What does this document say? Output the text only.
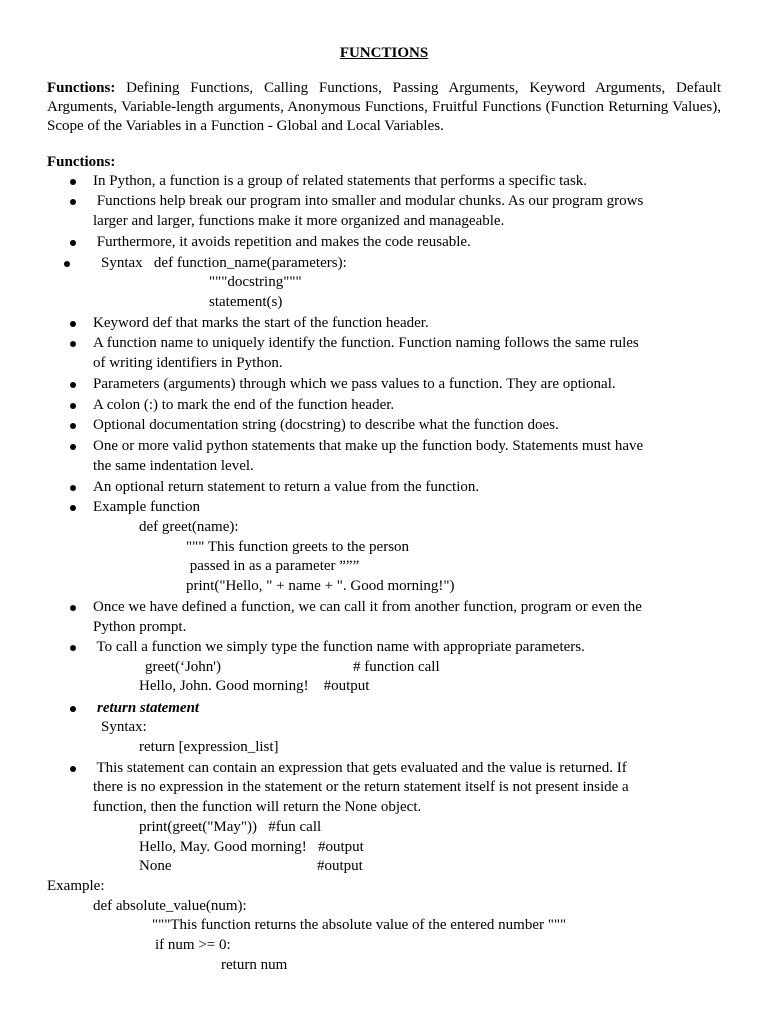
FUNCTIONS
Functions: Defining Functions, Calling Functions, Passing Arguments, Keyword Arguments, Default Arguments, Variable-length arguments, Anonymous Functions, Fruitful Functions (Function Returning Values), Scope of the Variables in a Function - Global and Local Variables.
Functions:
In Python, a function is a group of related statements that performs a specific task.
Functions help break our program into smaller and modular chunks. As our program grows
larger and larger, functions make it more organized and manageable.
Furthermore, it avoids repetition and makes the code reusable.
Syntax   def function_name(parameters):
"""docstring"""
statement(s)
Keyword def that marks the start of the function header.
A function name to uniquely identify the function. Function naming follows the same rules
of writing identifiers in Python.
Parameters (arguments) through which we pass values to a function. They are optional.
A colon (:) to mark the end of the function header.
Optional documentation string (docstring) to describe what the function does.
One or more valid python statements that make up the function body. Statements must have
the same indentation level.
An optional return statement to return a value from the function.
Example function
def greet(name):
""" This function greets to the person
passed in as a parameter ”””
print("Hello, " + name + ". Good morning!")
Once we have defined a function, we can call it from another function, program or even the
Python prompt.
To call a function we simply type the function name with appropriate parameters.
greet(‘John')	# function call
Hello, John. Good morning!    #output
return statement
Syntax:
return [expression_list]
This statement can contain an expression that gets evaluated and the value is returned. If
there is no expression in the statement or the return statement itself is not present inside a
function, then the function will return the None object.
print(greet("May"))   #fun call
Hello, May. Good morning!   #output
None	#output
Example:
def absolute_value(num):
"""This function returns the absolute value of the entered number """
if num >= 0:
return num
